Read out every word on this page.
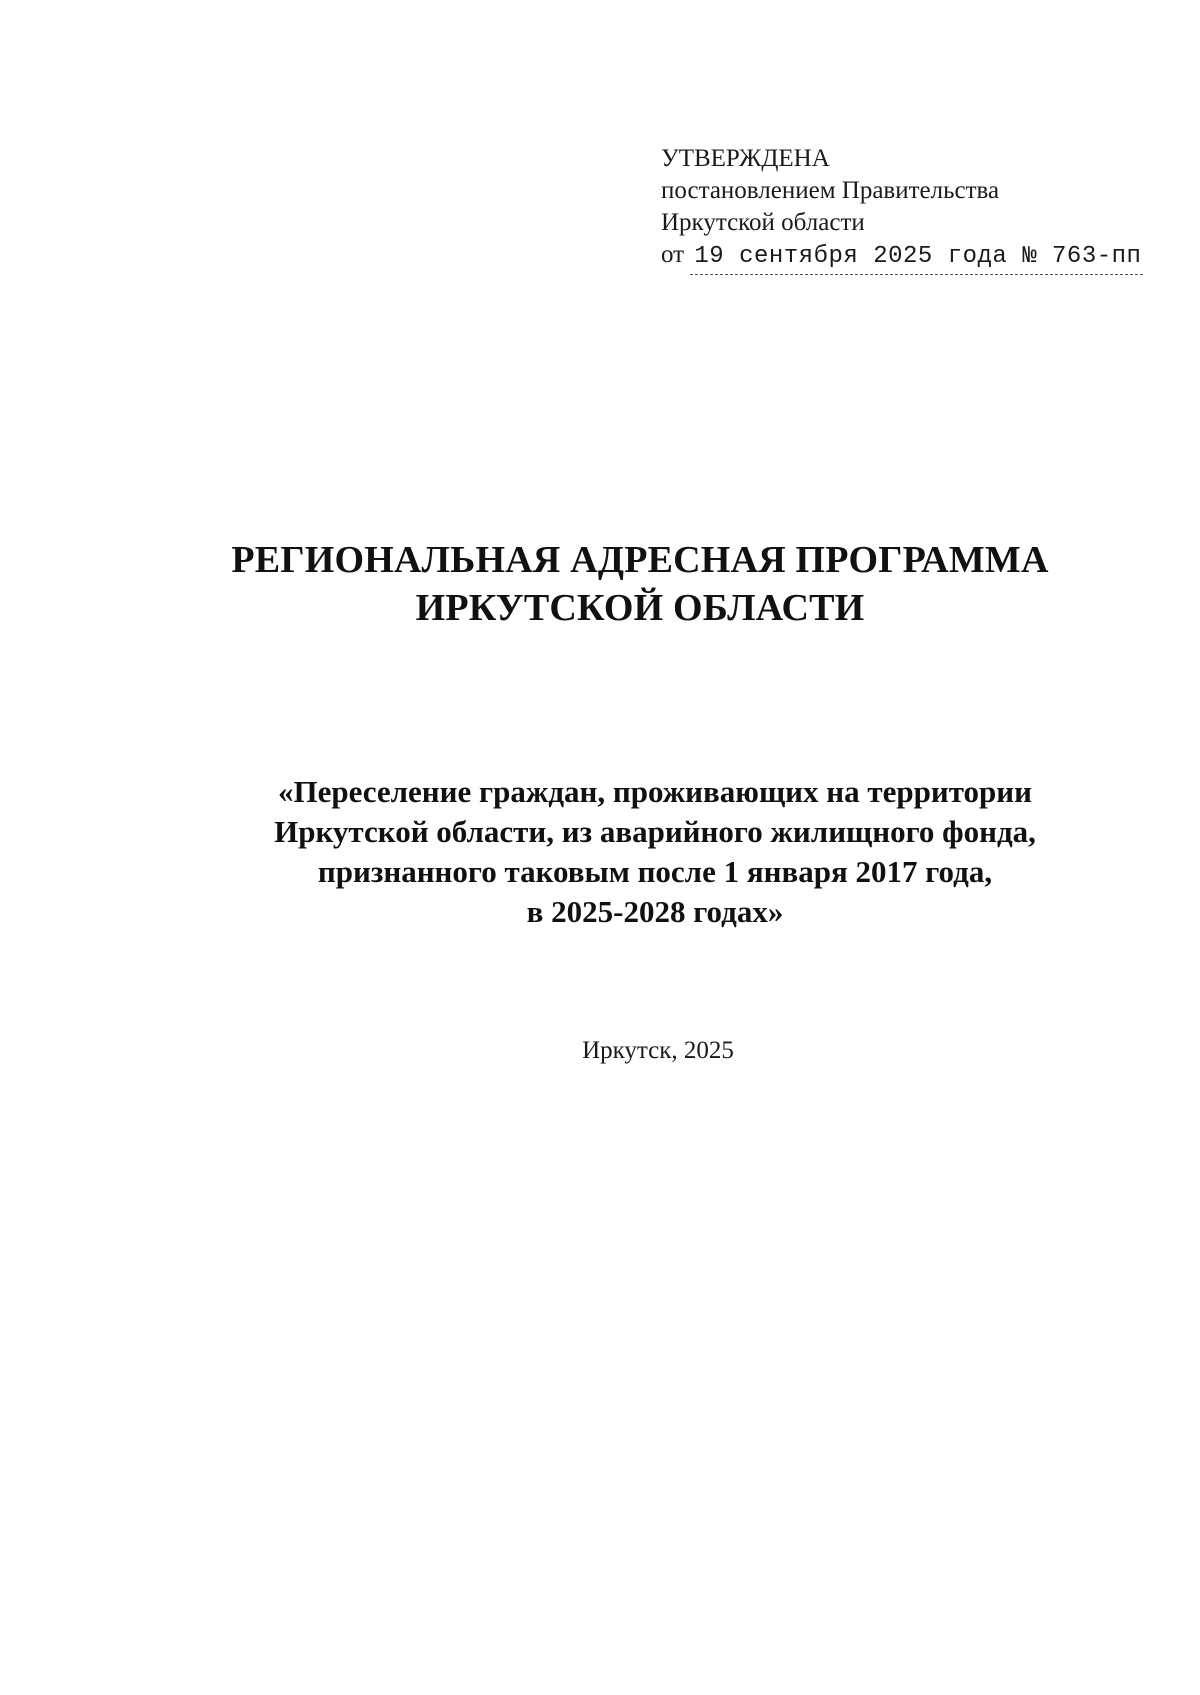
УТВЕРЖДЕНА
постановлением Правительства
Иркутской области
от 19 сентября 2025 года № 763-пп
РЕГИОНАЛЬНАЯ АДРЕСНАЯ ПРОГРАММА
ИРКУТСКОЙ ОБЛАСТИ
«Переселение граждан, проживающих на территории
Иркутской области, из аварийного жилищного фонда,
признанного таковым после 1 января 2017 года,
в 2025-2028 годах»
Иркутск, 2025
